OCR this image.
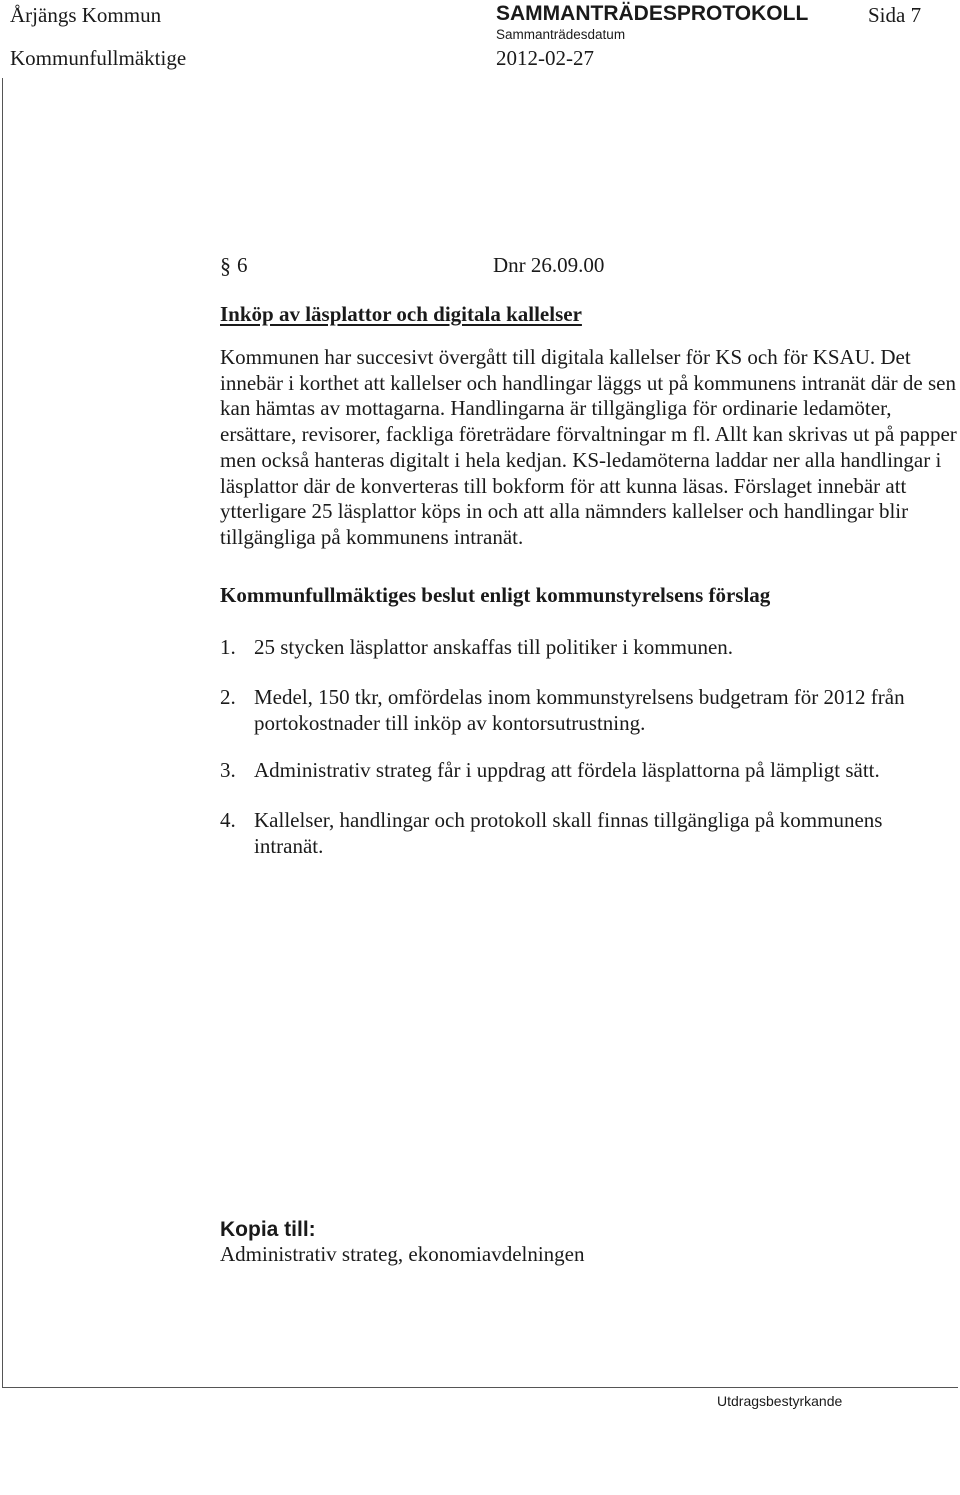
Årjängs Kommun	SAMMANTRÄDESPROTOKOLL	Sida 7
Kommunfullmäktige
Sammanträdesdatum
2012-02-27
§ 6	Dnr 26.09.00
Inköp av läsplattor och digitala kallelser
Kommunen har succesivt övergått till digitala kallelser för KS och för KSAU. Det innebär i korthet att kallelser och handlingar läggs ut på kommunens intranät där de sen kan hämtas av mottagarna. Handlingarna är tillgängliga för ordinarie ledamöter, ersättare, revisorer, fackliga företrädare förvaltningar m fl. Allt kan skrivas ut på papper men också hanteras digitalt i hela kedjan. KS-ledamöterna laddar ner alla handlingar i läsplattor där de konverteras till bokform för att kunna läsas. Förslaget innebär att ytterligare 25 läsplattor köps in och att alla nämnders kallelser och handlingar blir tillgängliga på kommunens intranät.
Kommunfullmäktiges beslut enligt kommunstyrelsens förslag
1. 25 stycken läsplattor anskaffas till politiker i kommunen.
2. Medel, 150 tkr, omfördelas inom kommunstyrelsens budgetram för 2012 från portokostnader till inköp av kontorsutrustning.
3. Administrativ strateg får i uppdrag att fördela läsplattorna på lämpligt sätt.
4. Kallelser, handlingar och protokoll skall finnas tillgängliga på kommunens intranät.
Kopia till:
Administrativ strateg, ekonomiavdelningen
Utdragsbestyrkande
